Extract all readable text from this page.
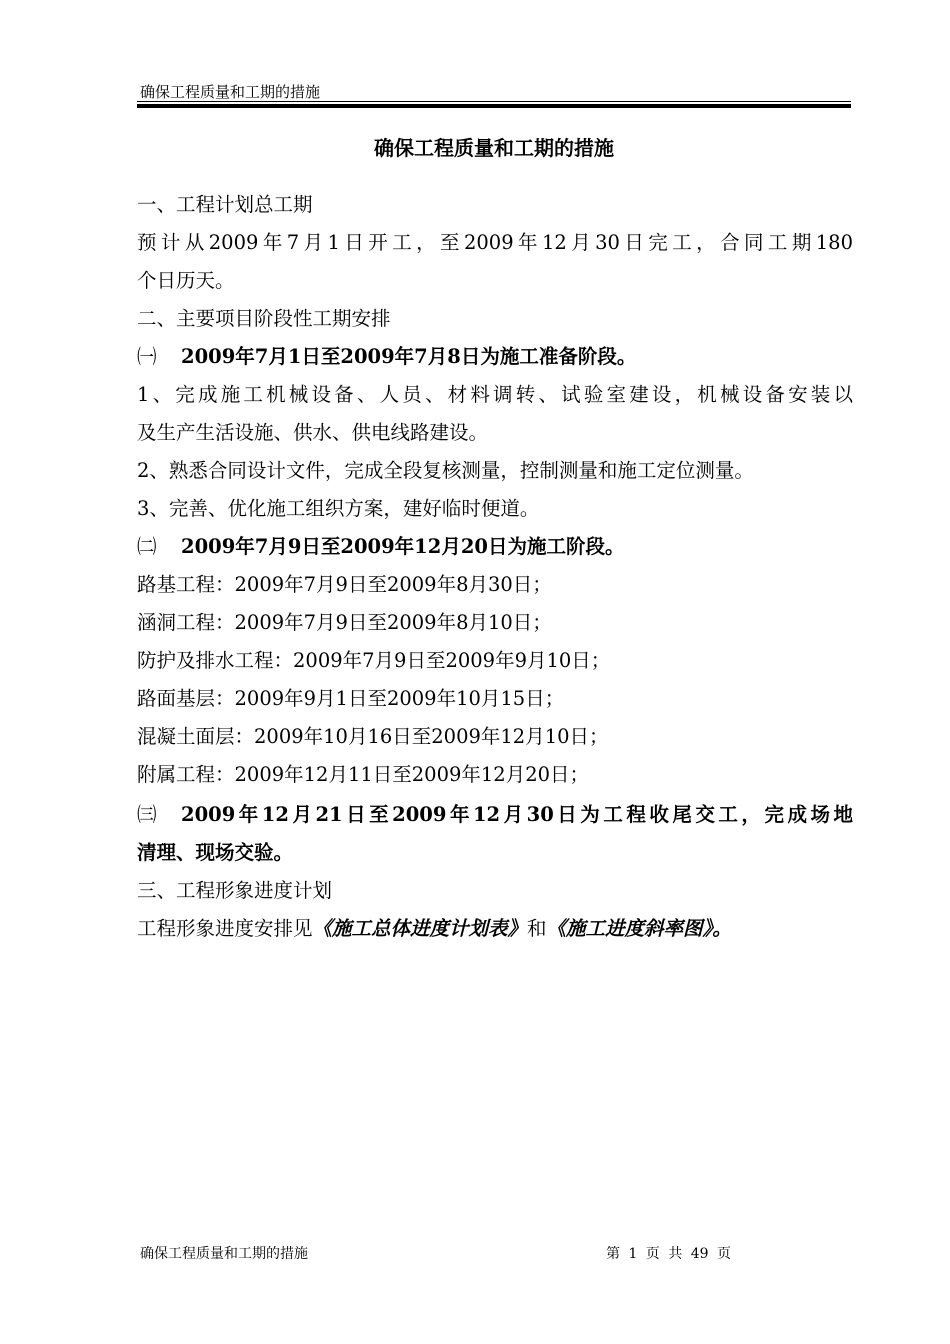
确保工程质量和工期的措施
确保工程质量和工期的措施
一、工程计划总工期
预计从2009年7月1日开工，至2009年12月30日完工，合同工期180
个日历天。
二、主要项目阶段性工期安排
㈠ 2009年7月1日至2009年7月8日为施工准备阶段。
1、完成施工机械设备、人员、材料调转、试验室建设，机械设备安装以
及生产生活设施、供水、供电线路建设。
2、熟悉合同设计文件，完成全段复核测量，控制测量和施工定位测量。
3、完善、优化施工组织方案，建好临时便道。
㈡ 2009年7月9日至2009年12月20日为施工阶段。
路基工程：2009年7月9日至2009年8月30日；
涵洞工程：2009年7月9日至2009年8月10日；
防护及排水工程：2009年7月9日至2009年9月10日；
路面基层：2009年9月1日至2009年10月15日；
混凝土面层：2009年10月16日至2009年12月10日；
附属工程：2009年12月11日至2009年12月20日；
㈢ 2009年12月21日至2009年12月30日为工程收尾交工，完成场地
清理、现场交验。
三、工程形象进度计划
工程形象进度安排见《施工总体进度计划表》和《施工进度斜率图》。
确保工程质量和工期的措施	第 1 页 共 49 页
